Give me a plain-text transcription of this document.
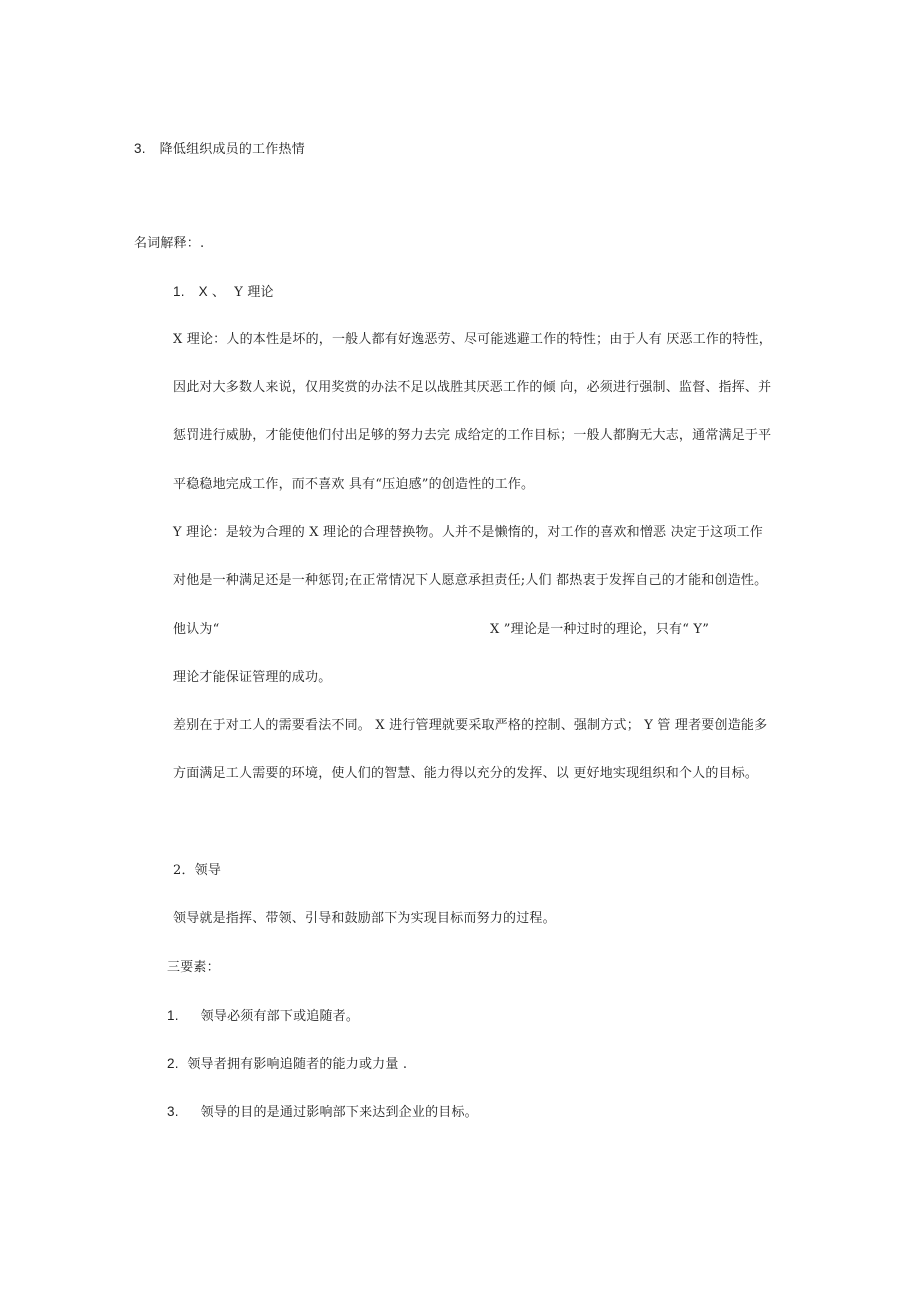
3. 降低组织成员的工作热情
名词解释：.
1. X 、 Y 理论
X 理论：人的本性是坏的，一般人都有好逸恶劳、尽可能逃避工作的特性；由于人有 厌恶工作的特性，
因此对大多数人来说，仅用奖赏的办法不足以战胜其厌恶工作的倾 向，必须进行强制、监督、指挥、并
惩罚进行威胁，才能使他们付出足够的努力去完 成给定的工作目标；一般人都胸无大志，通常满足于平
平稳稳地完成工作，而不喜欢 具有“压迫感”的创造性的工作。
Y 理论：是较为合理的 X 理论的合理替换物。人并不是懒惰的，对工作的喜欢和憎恶 决定于这项工作
对他是一种满足还是一种惩罚;在正常情况下人愿意承担责任;人们 都热衷于发挥自己的才能和创造性。
他认为“	X ”理论是一种过时的理论，只有“ Y”
理论才能保证管理的成功。
差别在于对工人的需要看法不同。 X 进行管理就要采取严格的控制、强制方式； Y 管 理者要创造能多
方面满足工人需要的环境，使人们的智慧、能力得以充分的发挥、以 更好地实现组织和个人的目标。
2．领导
领导就是指挥、带领、引导和鼓励部下为实现目标而努力的过程。
三要素：
1. 领导必须有部下或追随者。
2. 领导者拥有影响追随者的能力或力量 .
3. 领导的目的是通过影响部下来达到企业的目标。
